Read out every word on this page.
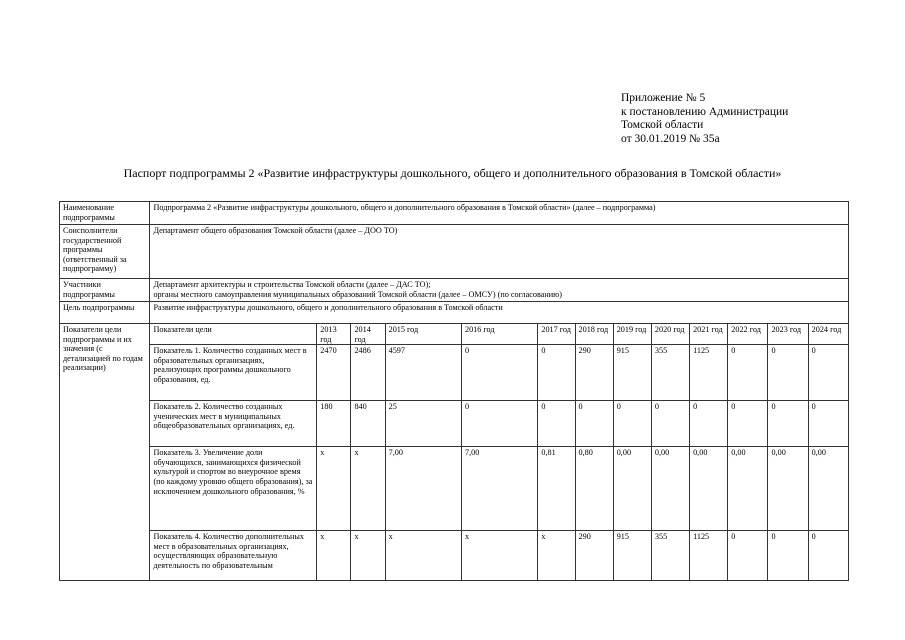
Приложение № 5
к постановлению Администрации
Томской области
от 30.01.2019 № 35а
Паспорт подпрограммы 2 «Развитие инфраструктуры дошкольного, общего и дополнительного образования в Томской области»
Наименование подпрограммы	Подпрограмма 2 «Развитие инфраструктуры дошкольного, общего и дополнительного образования в Томской области» (далее – подпрограмма)												
Соисполнители государственной программы (ответственный за подпрограмму)	Департамент общего образования Томской области (далее – ДОО ТО)												
Участники подпрограммы	Департамент архитектуры и строительства Томской области (далее – ДАС ТО);
органы местного самоуправления муниципальных образований Томской области (далее – ОМСУ) (по согласованию)												

Цель подпрограммы	Развитие инфраструктуры дошкольного, общего и дополнительного образования в Томской области												
Показатели цели подпрограммы и их значения (с детализацией по годам реализации)	Показатели цели	2013 год	2014 год	2015 год	2016 год	2017 год	2018 год	2019 год	2020 год	2021 год	2022 год	2023 год	2024 год
	Показатель 1. Количество созданных мест в образовательных организациях, реализующих программы дошкольного образования, ед.	2470	2486	4597	0	0	290	915	355	1125	0	0	0
	Показатель 2. Количество созданных ученических мест в муниципальных общеобразовательных организациях, ед.	180	840	25	0	0	0	0	0	0	0	0	0
	Показатель 3. Увеличение доли обучающихся, занимающихся физической культурой и спортом во внеурочное время (по каждому уровню общего образования), за исключением дошкольного образования, %	х	х	7,00	7,00	0,81	0,80	0,00	0,00	0,00	0,00	0,00	0,00
	Показатель 4. Количество дополнительных мест в образовательных организациях, осуществляющих образовательную деятельность по образовательным	х	х	х	х	х	290	915	355	1125	0	0	0
